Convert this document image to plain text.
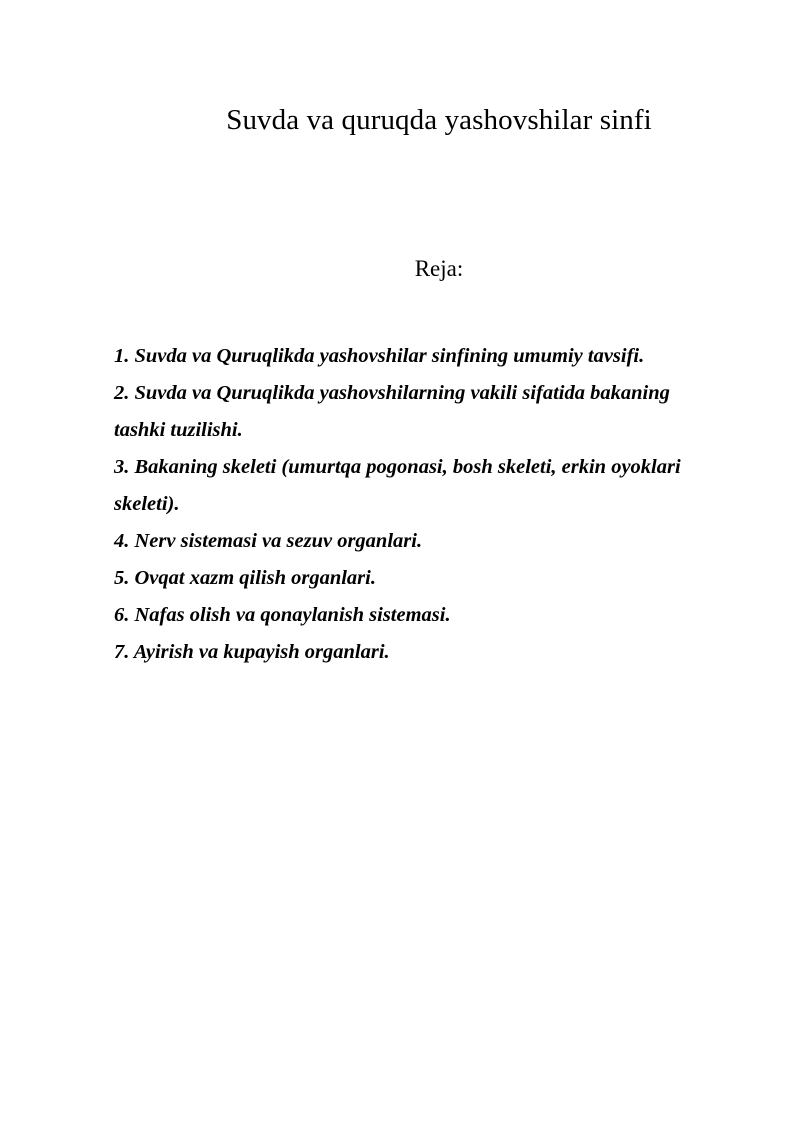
Suvda va quruqda yashovshilar sinfi
Reja:
1. Suvda va Quruqlikda yashovshilar sinfining umumiy tavsifi.
2. Suvda va Quruqlikda yashovshilarning vakili sifatida bakaning tashki tuzilishi.
3. Bakaning skeleti (umurtqa pogonasi, bosh skeleti, erkin oyoklari skeleti).
4. Nerv sistemasi va sezuv organlari.
5. Ovqat xazm qilish organlari.
6. Nafas olish va qonaylanish sistemasi.
7. Ayirish va kupayish organlari.
